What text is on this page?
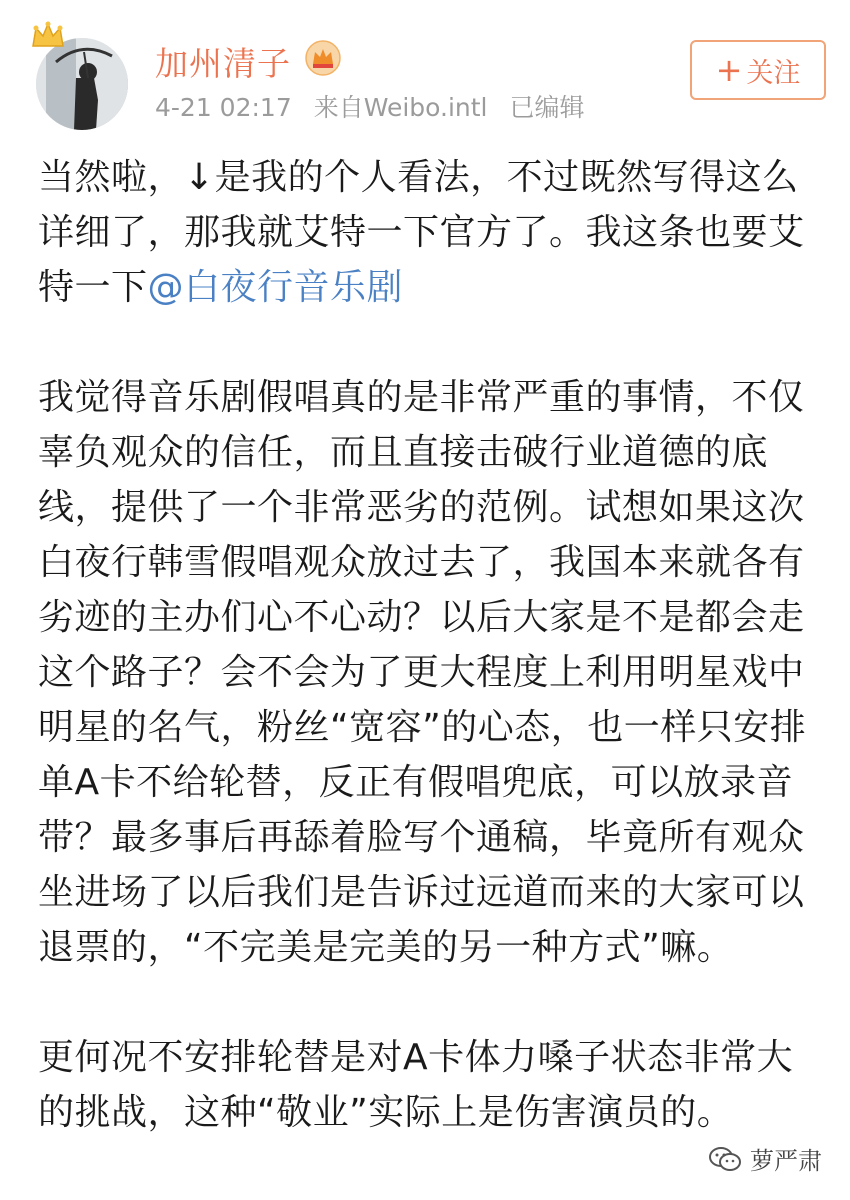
加州清子
4-21 02:17 来自Weibo.intl 已编辑
+ 关注

当然啦，↓是我的个人看法，不过既然写得这么详细了，那我就艾特一下官方了。我这条也要艾特一下@白夜行音乐剧

我觉得音乐剧假唱真的是非常严重的事情，不仅辜负观众的信任，而且直接击破行业道德的底线，提供了一个非常恶劣的范例。试想如果这次白夜行韩雪假唱观众放过去了，我国本来就各有劣迹的主办们心不心动？以后大家是不是都会走这个路子？会不会为了更大程度上利用明星戏中明星的名气，粉丝“宽容”的心态，也一样只安排单A卡不给轮替，反正有假唱兜底，可以放录音带？最多事后再舔着脸写个通稿，毕竟所有观众坐进场了以后我们是告诉过远道而来的大家可以退票的，“不完美是完美的另一种方式”嘛。

更何况不安排轮替是对A卡体力嗓子状态非常大的挑战，这种“敬业”实际上是伤害演员的。

萝严肃
